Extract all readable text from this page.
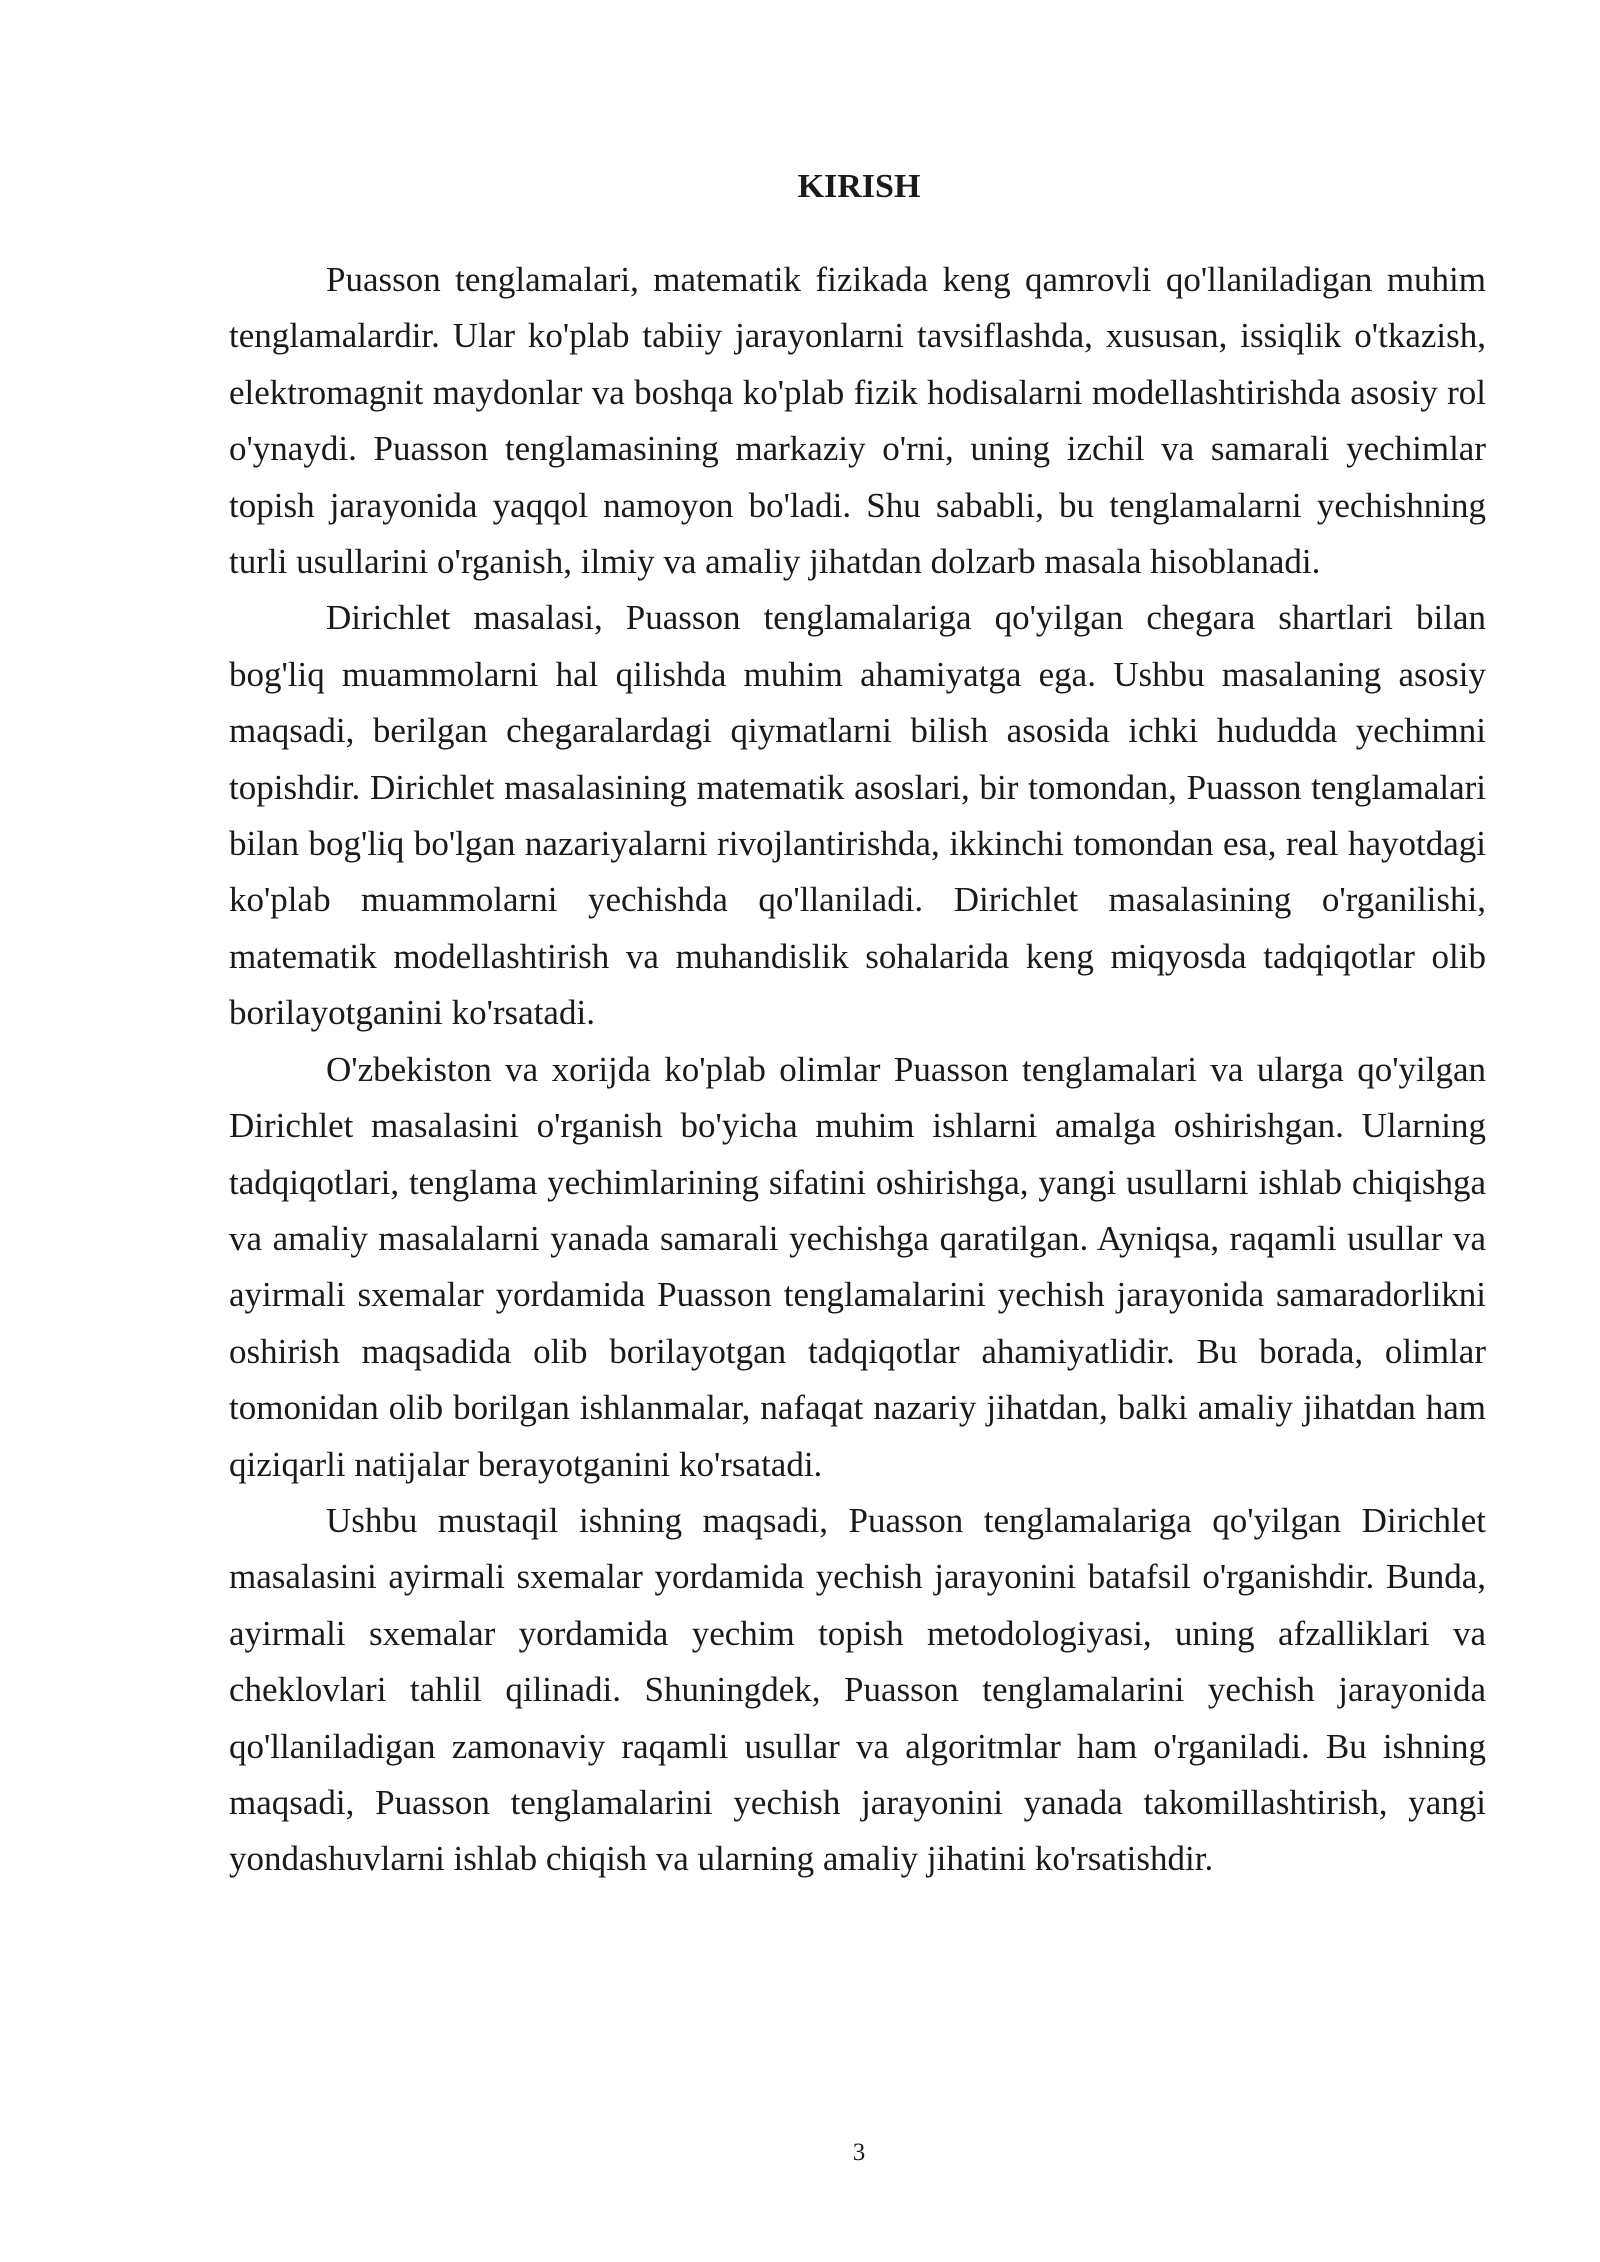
KIRISH

Puasson tenglamalari, matematik fizikada keng qamrovli qo'llaniladigan muhim tenglamalardir. Ular ko'plab tabiiy jarayonlarni tavsiflashda, xususan, issiqlik o'tkazish, elektromagnit maydonlar va boshqa ko'plab fizik hodisalarni modellashtirishda asosiy rol o'ynaydi. Puasson tenglamasining markaziy o'rni, uning izchil va samarali yechimlar topish jarayonida yaqqol namoyon bo'ladi. Shu sababli, bu tenglamalarni yechishning turli usullarini o'rganish, ilmiy va amaliy jihatdan dolzarb masala hisoblanadi.

Dirichlet masalasi, Puasson tenglamalariga qo'yilgan chegara shartlari bilan bog'liq muammolarni hal qilishda muhim ahamiyatga ega. Ushbu masalaning asosiy maqsadi, berilgan chegaralardagi qiymatlarni bilish asosida ichki hududda yechimni topishdir. Dirichlet masalasining matematik asoslari, bir tomondan, Puasson tenglamalari bilan bog'liq bo'lgan nazariyalarni rivojlantirishda, ikkinchi tomondan esa, real hayotdagi ko'plab muammolarni yechishda qo'llaniladi. Dirichlet masalasining o'rganilishi, matematik modellashtirish va muhandislik sohalarida keng miqyosda tadqiqotlar olib borilayotganini ko'rsatadi.

O'zbekiston va xorijda ko'plab olimlar Puasson tenglamalari va ularga qo'yilgan Dirichlet masalasini o'rganish bo'yicha muhim ishlarni amalga oshirishgan. Ularning tadqiqotlari, tenglama yechimlarining sifatini oshirishga, yangi usullarni ishlab chiqishga va amaliy masalalarni yanada samarali yechishga qaratilgan. Ayniqsa, raqamli usullar va ayirmali sxemalar yordamida Puasson tenglamalarini yechish jarayonida samaradorlikni oshirish maqsadida olib borilayotgan tadqiqotlar ahamiyatlidir. Bu borada, olimlar tomonidan olib borilgan ishlanmalar, nafaqat nazariy jihatdan, balki amaliy jihatdan ham qiziqarli natijalar berayotganini ko'rsatadi.

Ushbu mustaqil ishning maqsadi, Puasson tenglamalariga qo'yilgan Dirichlet masalasini ayirmali sxemalar yordamida yechish jarayonini batafsil o'rganishdir. Bunda, ayirmali sxemalar yordamida yechim topish metodologiyasi, uning afzalliklari va cheklovlari tahlil qilinadi. Shuningdek, Puasson tenglamalarini yechish jarayonida qo'llaniladigan zamonaviy raqamli usullar va algoritmlar ham o'rganiladi. Bu ishning maqsadi, Puasson tenglamalarini yechish jarayonini yanada takomillashtirish, yangi yondashuvlarni ishlab chiqish va ularning amaliy jihatini ko'rsatishdir.

3
